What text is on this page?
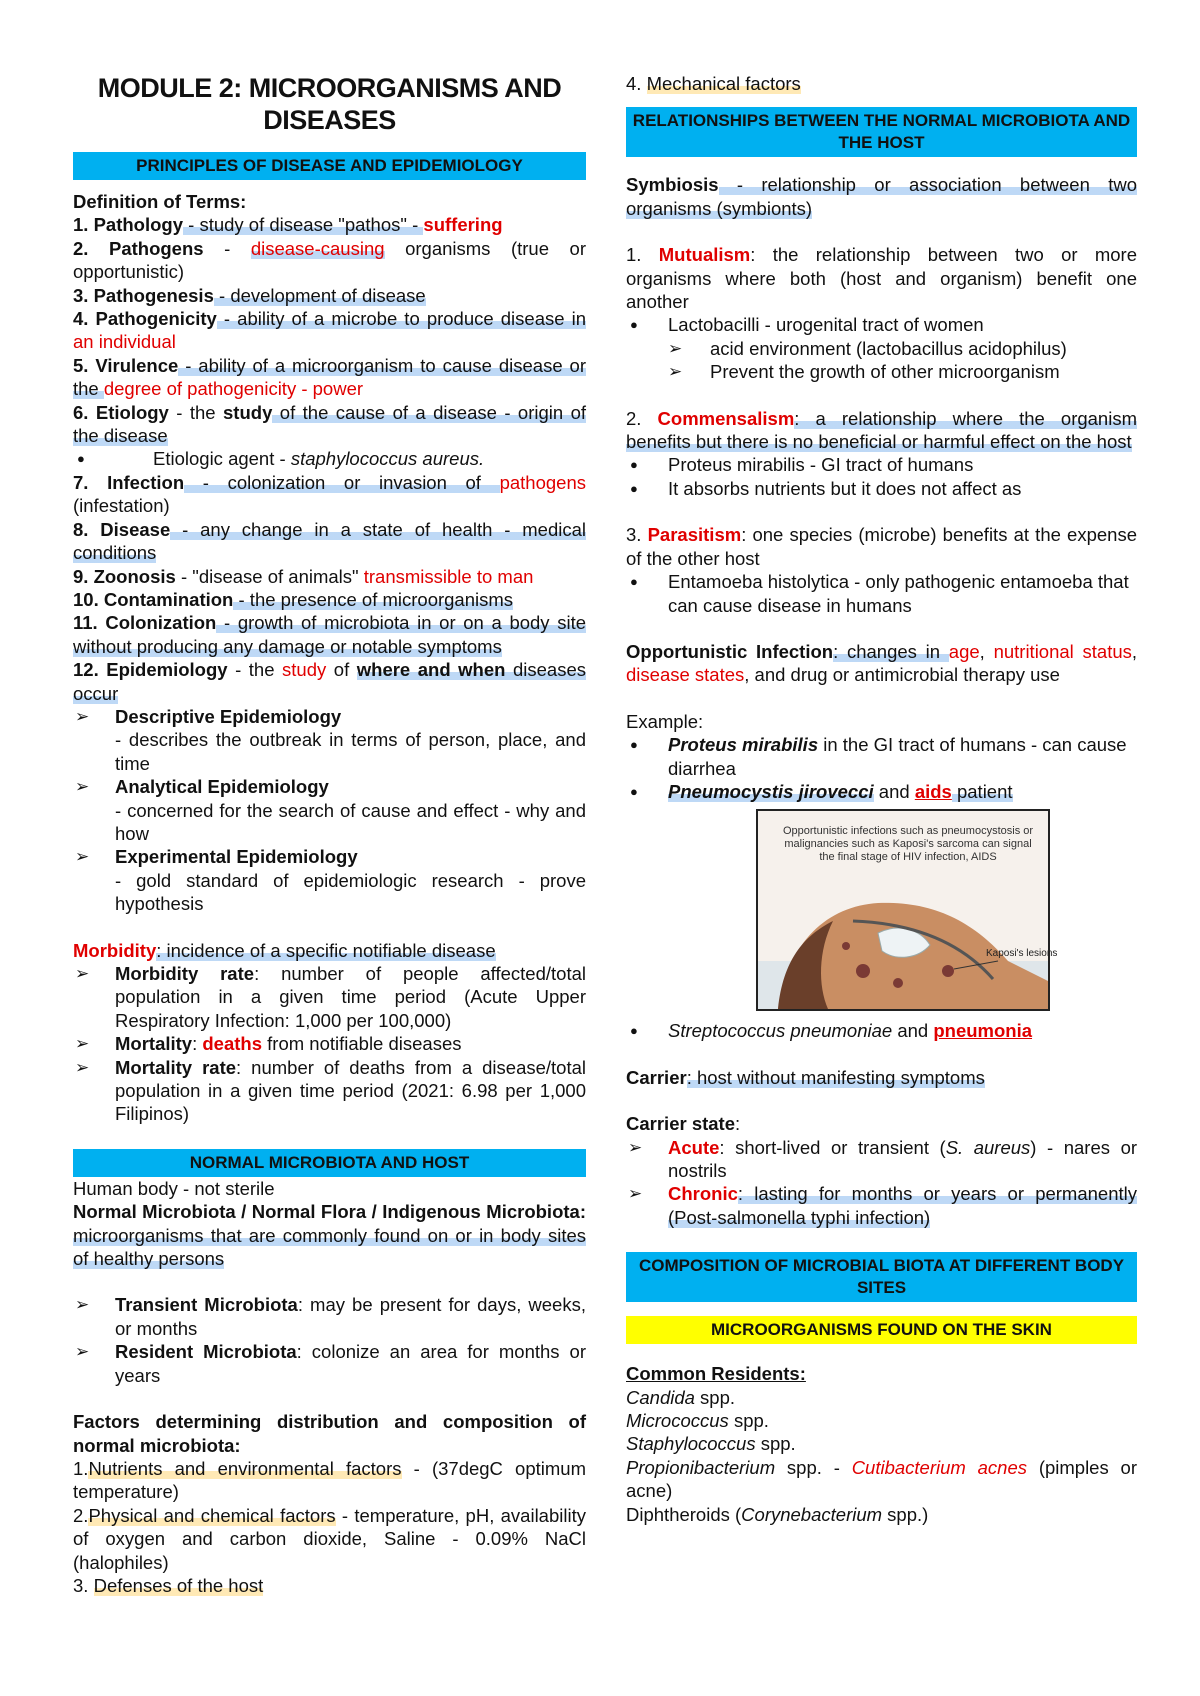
MODULE 2: MICROORGANISMS AND DISEASES
PRINCIPLES OF DISEASE AND EPIDEMIOLOGY

Definition of Terms:

1. Pathology - study of disease "pathos" - suffering

2. Pathogens - disease-causing organisms (true or opportunistic)

3. Pathogenesis - development of disease

4. Pathogenicity - ability of a microbe to produce disease in an individual

5. Virulence - ability of a microorganism to cause disease or the degree of pathogenicity - power

6. Etiology - the study of the cause of a disease - origin of the disease

● Etiologic agent - staphylococcus aureus.

7. Infection - colonization or invasion of pathogens (infestation)

8. Disease - any change in a state of health - medical conditions

9. Zoonosis - "disease of animals" transmissible to man

10. Contamination - the presence of microorganisms

11. Colonization - growth of microbiota in or on a body site without producing any damage or notable symptoms

12. Epidemiology - the study of where and when diseases occur

➢ Descriptive Epidemiology

- describes the outbreak in terms of person, place, and time

➢ Analytical Epidemiology

- concerned for the search of cause and effect - why and how

➢ Experimental Epidemiology

- gold standard of epidemiologic research - prove hypothesis

Morbidity: incidence of a specific notifiable disease

➢ Morbidity rate: number of people affected/total population in a given time period (Acute Upper Respiratory Infection: 1,000 per 100,000)

➢ Mortality: deaths from notifiable diseases

➢ Mortality rate: number of deaths from a disease/total population in a given time period (2021: 6.98 per 1,000 Filipinos)

NORMAL MICROBIOTA AND HOST

Human body - not sterile

Normal Microbiota / Normal Flora / Indigenous Microbiota: microorganisms that are commonly found on or in body sites of healthy persons

➢ Transient Microbiota: may be present for days, weeks, or months

➢ Resident Microbiota: colonize an area for months or years

Factors determining distribution and composition of normal microbiota:

1.Nutrients and environmental factors - (37degC optimum temperature)

2.Physical and chemical factors - temperature, pH, availability of oxygen and carbon dioxide, Saline - 0.09% NaCl (halophiles)

3. Defenses of the host

4. Mechanical factors

RELATIONSHIPS BETWEEN THE NORMAL MICROBIOTA AND THE HOST

Symbiosis - relationship or association between two organisms (symbionts)

1. Mutualism: the relationship between two or more organisms where both (host and organism) benefit one another

● Lactobacilli - urogenital tract of women

➢ acid environment (lactobacillus acidophilus)

➢ Prevent the growth of other microorganism

2. Commensalism: a relationship where the organism benefits but there is no beneficial or harmful effect on the host

● Proteus mirabilis - GI tract of humans

● It absorbs nutrients but it does not affect as

3. Parasitism: one species (microbe) benefits at the expense of the other host

● Entamoeba histolytica - only pathogenic entamoeba that can cause disease in humans

Opportunistic Infection: changes in age, nutritional status, disease states, and drug or antimicrobial therapy use

Example:

● Proteus mirabilis in the GI tract of humans - can cause diarrhea

● Pneumocystis jirovecci and aids patient

Opportunistic infections such as pneumocystosis or malignancies such as Kaposi's sarcoma can signal the final stage of HIV infection, AIDS
Kaposi's lesions

● Streptococcus pneumoniae and pneumonia

Carrier: host without manifesting symptoms

Carrier state:

➢ Acute: short-lived or transient (S. aureus) - nares or nostrils

➢ Chronic: lasting for months or years or permanently (Post-salmonella typhi infection)

COMPOSITION OF MICROBIAL BIOTA AT DIFFERENT BODY SITES
MICROORGANISMS FOUND ON THE SKIN

Common Residents:

Candida spp.

Micrococcus spp.

Staphylococcus spp.

Propionibacterium spp. - Cutibacterium acnes (pimples or acne)

Diphtheroids (Corynebacterium spp.)
